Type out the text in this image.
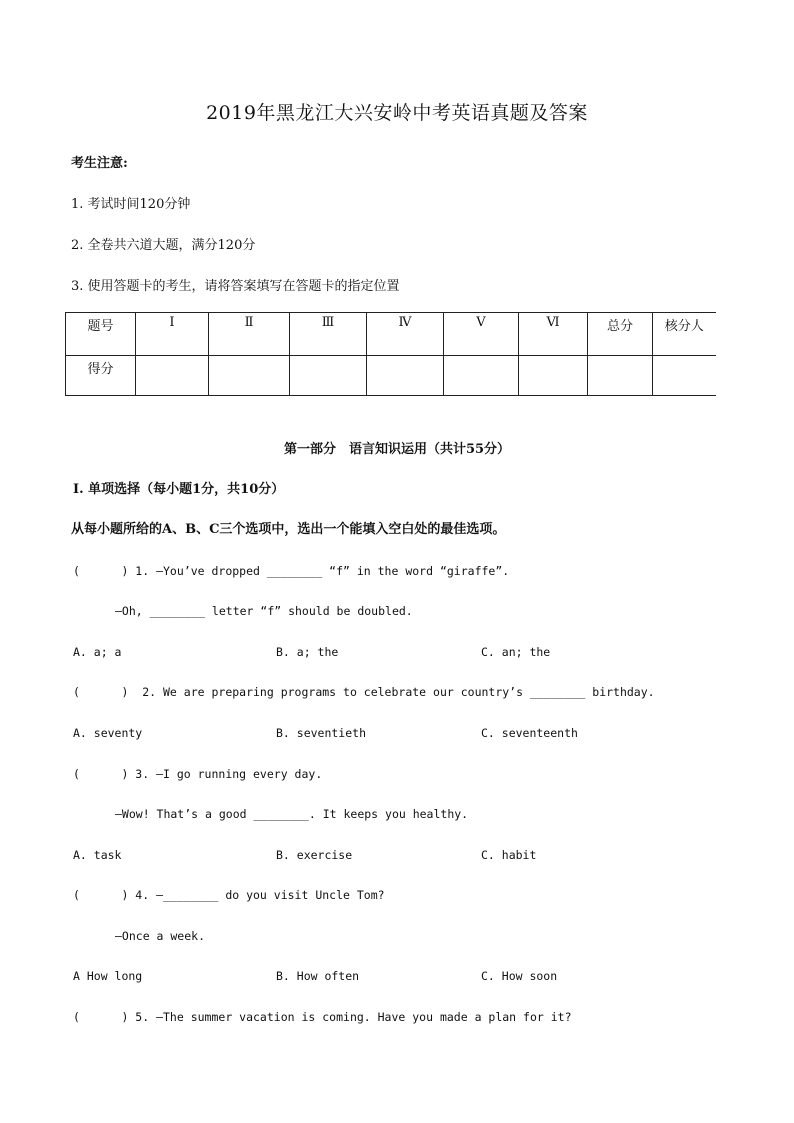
2019年黑龙江大兴安岭中考英语真题及答案
考生注意:
1. 考试时间120分钟
2. 全卷共六道大题，满分120分
3. 使用答题卡的考生，请将答案填写在答题卡的指定位置
题号	Ⅰ	Ⅱ	Ⅲ	Ⅳ	Ⅴ	Ⅵ	总分	核分人
得分								
第一部分　语言知识运用（共计55分）
Ⅰ. 单项选择（每小题1分，共10分）
从每小题所给的A、B、C三个选项中，选出一个能填入空白处的最佳选项。
(      ) 1. —You’ve dropped ________ “f” in the word “giraffe”.
—Oh, ________ letter “f” should be doubled.
A. a; a	B. a; the	C. an; the
(      )  2. We are preparing programs to celebrate our country’s ________ birthday.
A. seventy	B. seventieth	C. seventeenth
(      ) 3. —I go running every day.
—Wow! That’s a good ________. It keeps you healthy.
A. task	B. exercise	C. habit
(      ) 4. —________ do you visit Uncle Tom?
—Once a week.
A How long	B. How often	C. How soon
(      ) 5. —The summer vacation is coming. Have you made a plan for it?
